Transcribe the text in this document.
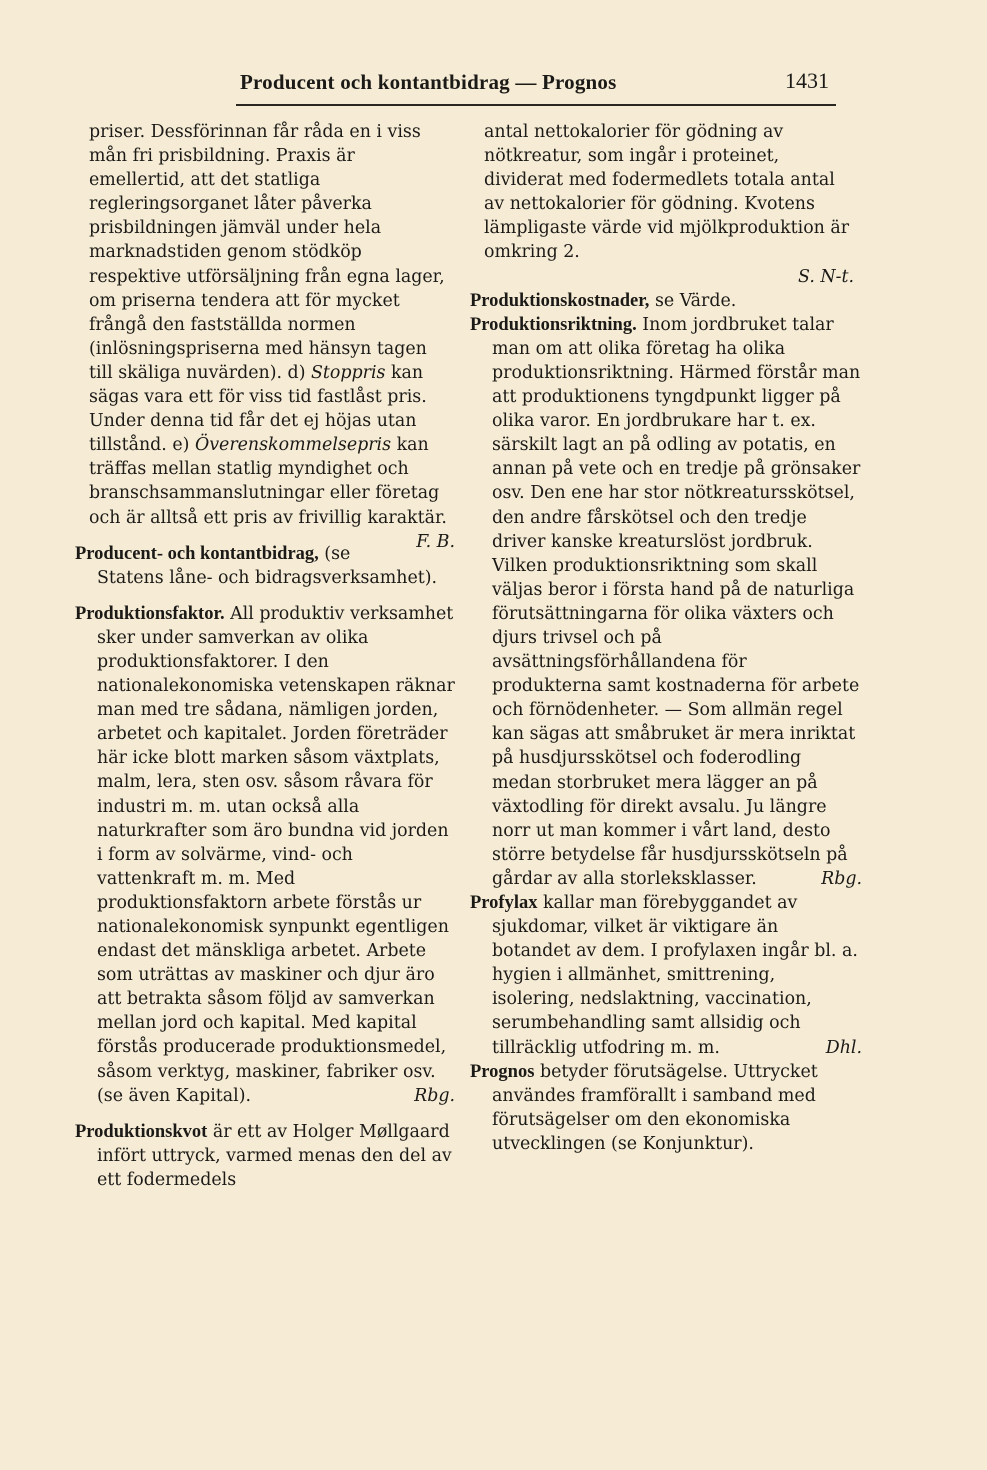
Producent och kontantbidrag — Prognos	1431

priser. Dessförinnan får råda en i viss mån fri prisbildning. Praxis är emellertid, att det statliga regleringsorganet låter påverka prisbildningen jämväl under hela marknadstiden genom stödköp respektive utförsäljning från egna lager, om priserna tendera att för mycket frångå den fastställda normen (inlösningspriserna med hänsyn tagen till skäliga nuvärden). d) Stoppris kan sägas vara ett för viss tid fastlåst pris. Under denna tid får det ej höjas utan tillstånd. e) Överenskommelsepris kan träffas mellan statlig myndighet och branschsammanslutningar eller företag och är alltså ett pris av frivillig karaktär.
F. B.

Producent- och kontantbidrag, (se Statens låne- och bidragsverksamhet).

Produktionsfaktor. All produktiv verksamhet sker under samverkan av olika produktionsfaktorer. I den nationalekonomiska vetenskapen räknar man med tre sådana, nämligen jorden, arbetet och kapitalet. Jorden företräder här icke blott marken såsom växtplats, malm, lera, sten osv. såsom råvara för industri m. m. utan också alla naturkrafter som äro bundna vid jorden i form av solvärme, vind- och vattenkraft m. m. Med produktionsfaktorn arbete förstås ur nationalekonomisk synpunkt egentligen endast det mänskliga arbetet. Arbete som uträttas av maskiner och djur äro att betrakta såsom följd av samverkan mellan jord och kapital. Med kapital förstås producerade produktionsmedel, såsom verktyg, maskiner, fabriker osv. (se även Kapital).	Rbg.

Produktionskvot är ett av Holger Møllgaard infört uttryck, varmed menas den del av ett fodermedels

antal nettokalorier för gödning av nötkreatur, som ingår i proteinet, dividerat med fodermedlets totala antal av nettokalorier för gödning. Kvotens lämpligaste värde vid mjölkproduktion är omkring 2.
S. N-t.

Produktionskostnader, se Värde.

Produktionsriktning. Inom jordbruket talar man om att olika företag ha olika produktionsriktning. Härmed förstår man att produktionens tyngdpunkt ligger på olika varor. En jordbrukare har t. ex. särskilt lagt an på odling av potatis, en annan på vete och en tredje på grönsaker osv. Den ene har stor nötkreatursskötsel, den andre fårskötsel och den tredje driver kanske kreaturslöst jordbruk. Vilken produktionsriktning som skall väljas beror i första hand på de naturliga förutsättningarna för olika växters och djurs trivsel och på avsättningsförhållandena för produkterna samt kostnaderna för arbete och förnödenheter. — Som allmän regel kan sägas att småbruket är mera inriktat på husdjursskötsel och foderodling medan storbruket mera lägger an på växtodling för direkt avsalu. Ju längre norr ut man kommer i vårt land, desto större betydelse får husdjursskötseln på gårdar av alla storleksklasser.	Rbg.

Profylax kallar man förebyggandet av sjukdomar, vilket är viktigare än botandet av dem. I profylaxen ingår bl. a. hygien i allmänhet, smittrening, isolering, nedslaktning, vaccination, serumbehandling samt allsidig och tillräcklig utfodring m. m.	Dhl.

Prognos betyder förutsägelse. Uttrycket användes framförallt i samband med förutsägelser om den ekonomiska utvecklingen (se Konjunktur).
